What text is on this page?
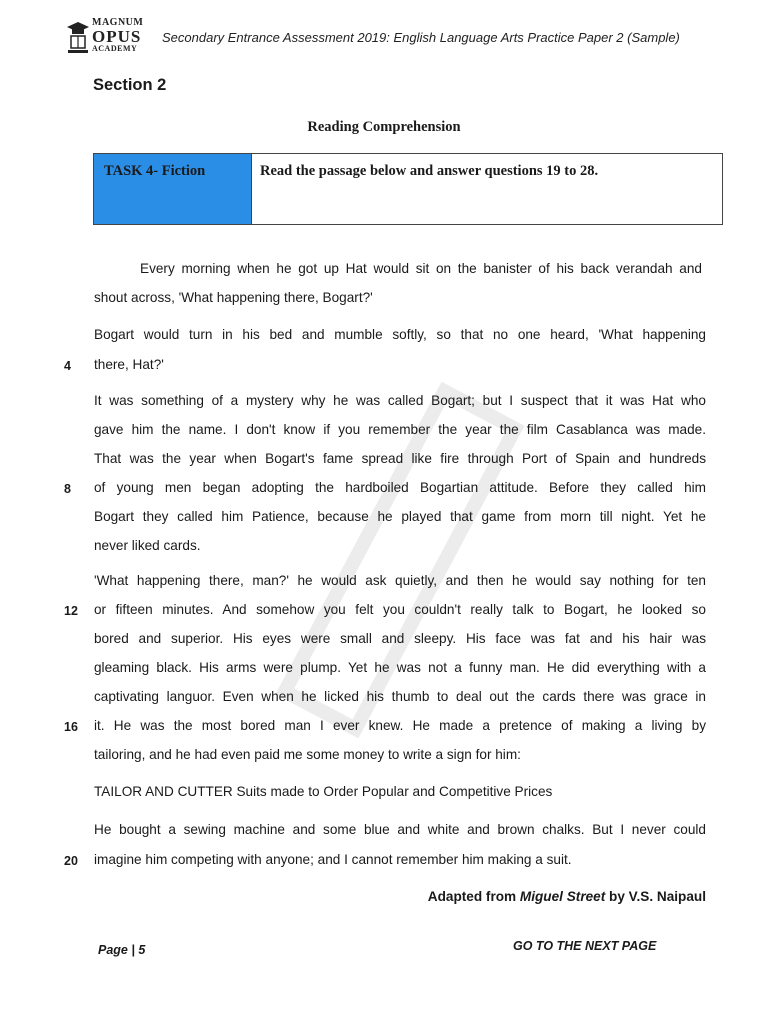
MAGNUM
OPUS
ACADEMY
Secondary Entrance Assessment 2019: English Language Arts Practice Paper 2 (Sample)
Section 2
Reading Comprehension
TASK 4- Fiction	Read the passage below and answer questions 19 to 28.
Every morning when he got up Hat would sit on the banister of his back verandah and
shout across, 'What happening there, Bogart?'
Bogart would turn in his bed and mumble softly, so that no one heard, 'What happening
there, Hat?'
4
It was something of a mystery why he was called Bogart; but I suspect that it was Hat who
gave him the name. I don't know if you remember the year the film Casablanca was made.
That was the year when Bogart's fame spread like fire through Port of Spain and hundreds
of young men began adopting the hardboiled Bogartian attitude. Before they called him
8
Bogart they called him Patience, because he played that game from morn till night. Yet he
never liked cards.
'What happening there, man?' he would ask quietly, and then he would say nothing for ten
or fifteen minutes. And somehow you felt you couldn't really talk to Bogart, he looked so
12
bored and superior. His eyes were small and sleepy. His face was fat and his hair was
gleaming black. His arms were plump. Yet he was not a funny man. He did everything with a
captivating languor. Even when he licked his thumb to deal out the cards there was grace in
it. He was the most bored man I ever knew. He made a pretence of making a living by
16
tailoring, and he had even paid me some money to write a sign for him:
TAILOR AND CUTTER Suits made to Order Popular and Competitive Prices
He bought a sewing machine and some blue and white and brown chalks. But I never could
imagine him competing with anyone; and I cannot remember him making a suit.
20
Adapted from Miguel Street by V.S. Naipaul
Page | 5	GO TO THE NEXT PAGE
